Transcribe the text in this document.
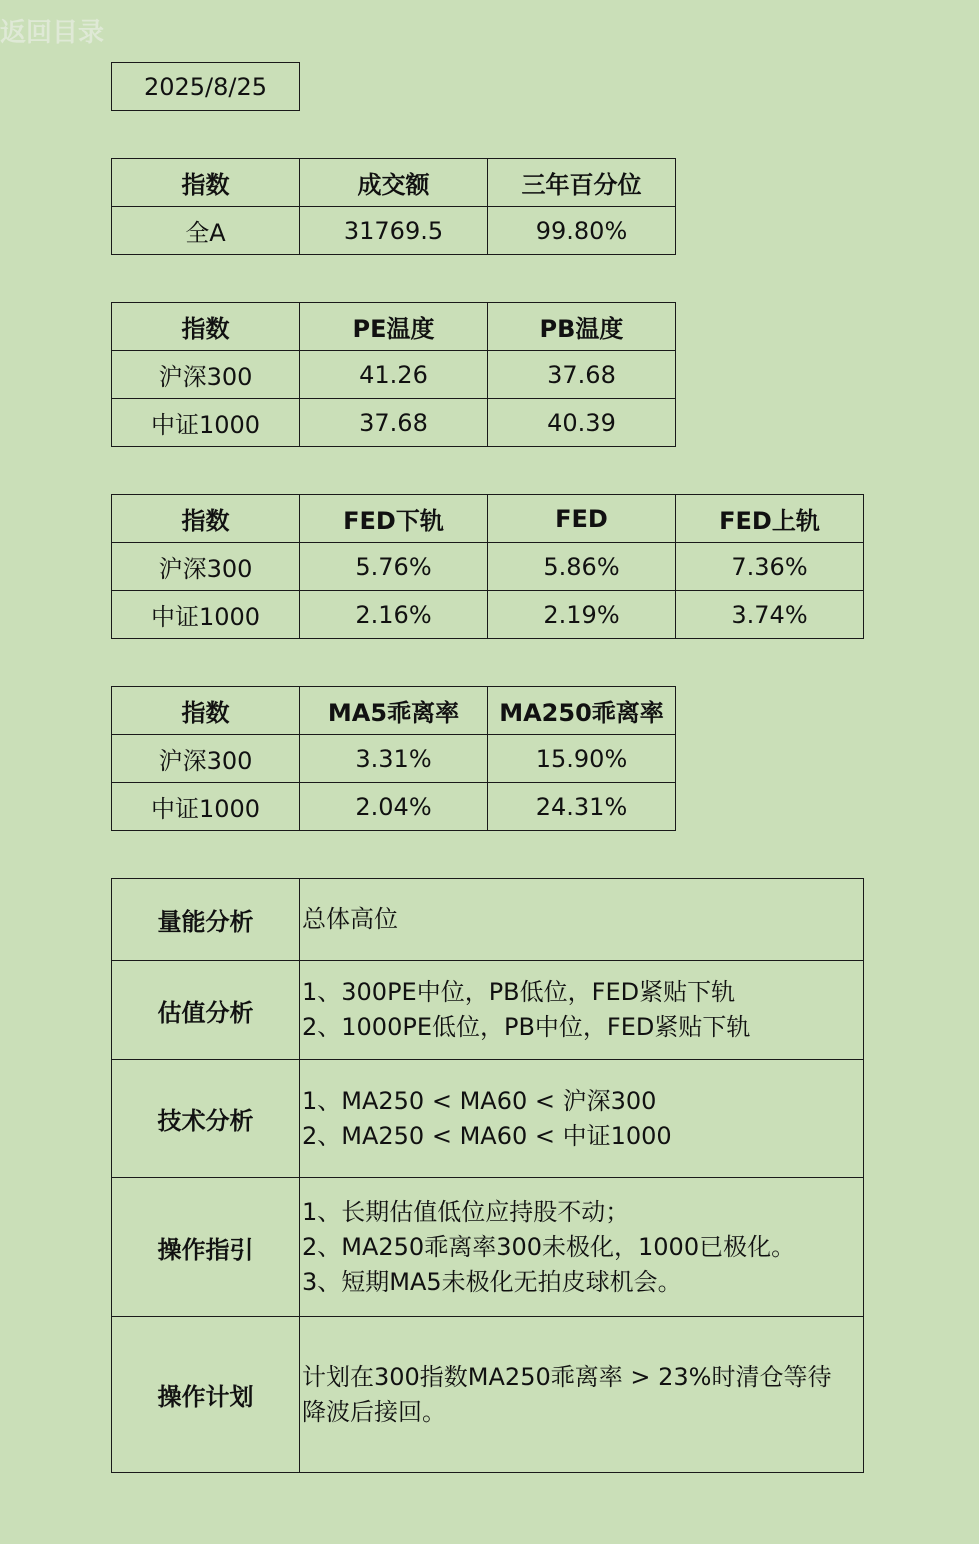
返回目录
2025/8/25
指数	成交额	三年百分位
全A	31769.5	99.80%
指数	PE温度	PB温度
沪深300	41.26	37.68
中证1000	37.68	40.39
指数	FED下轨	FED	FED上轨
沪深300	5.76%	5.86%	7.36%
中证1000	2.16%	2.19%	3.74%
指数	MA5乖离率	MA250乖离率
沪深300	3.31%	15.90%
中证1000	2.04%	24.31%
量能分析	总体高位

估值分析	1、300PE中位，PB低位，FED紧贴下轨
2、1000PE低位，PB中位，FED紧贴下轨

技术分析	1、MA250 < MA60 < 沪深300
2、MA250 < MA60 < 中证1000

操作指引	1、长期估值低位应持股不动；
2、MA250乖离率300未极化，1000已极化。
3、短期MA5未极化无拍皮球机会。

操作计划	计划在300指数MA250乖离率 > 23%时清仓等待
降波后接回。
